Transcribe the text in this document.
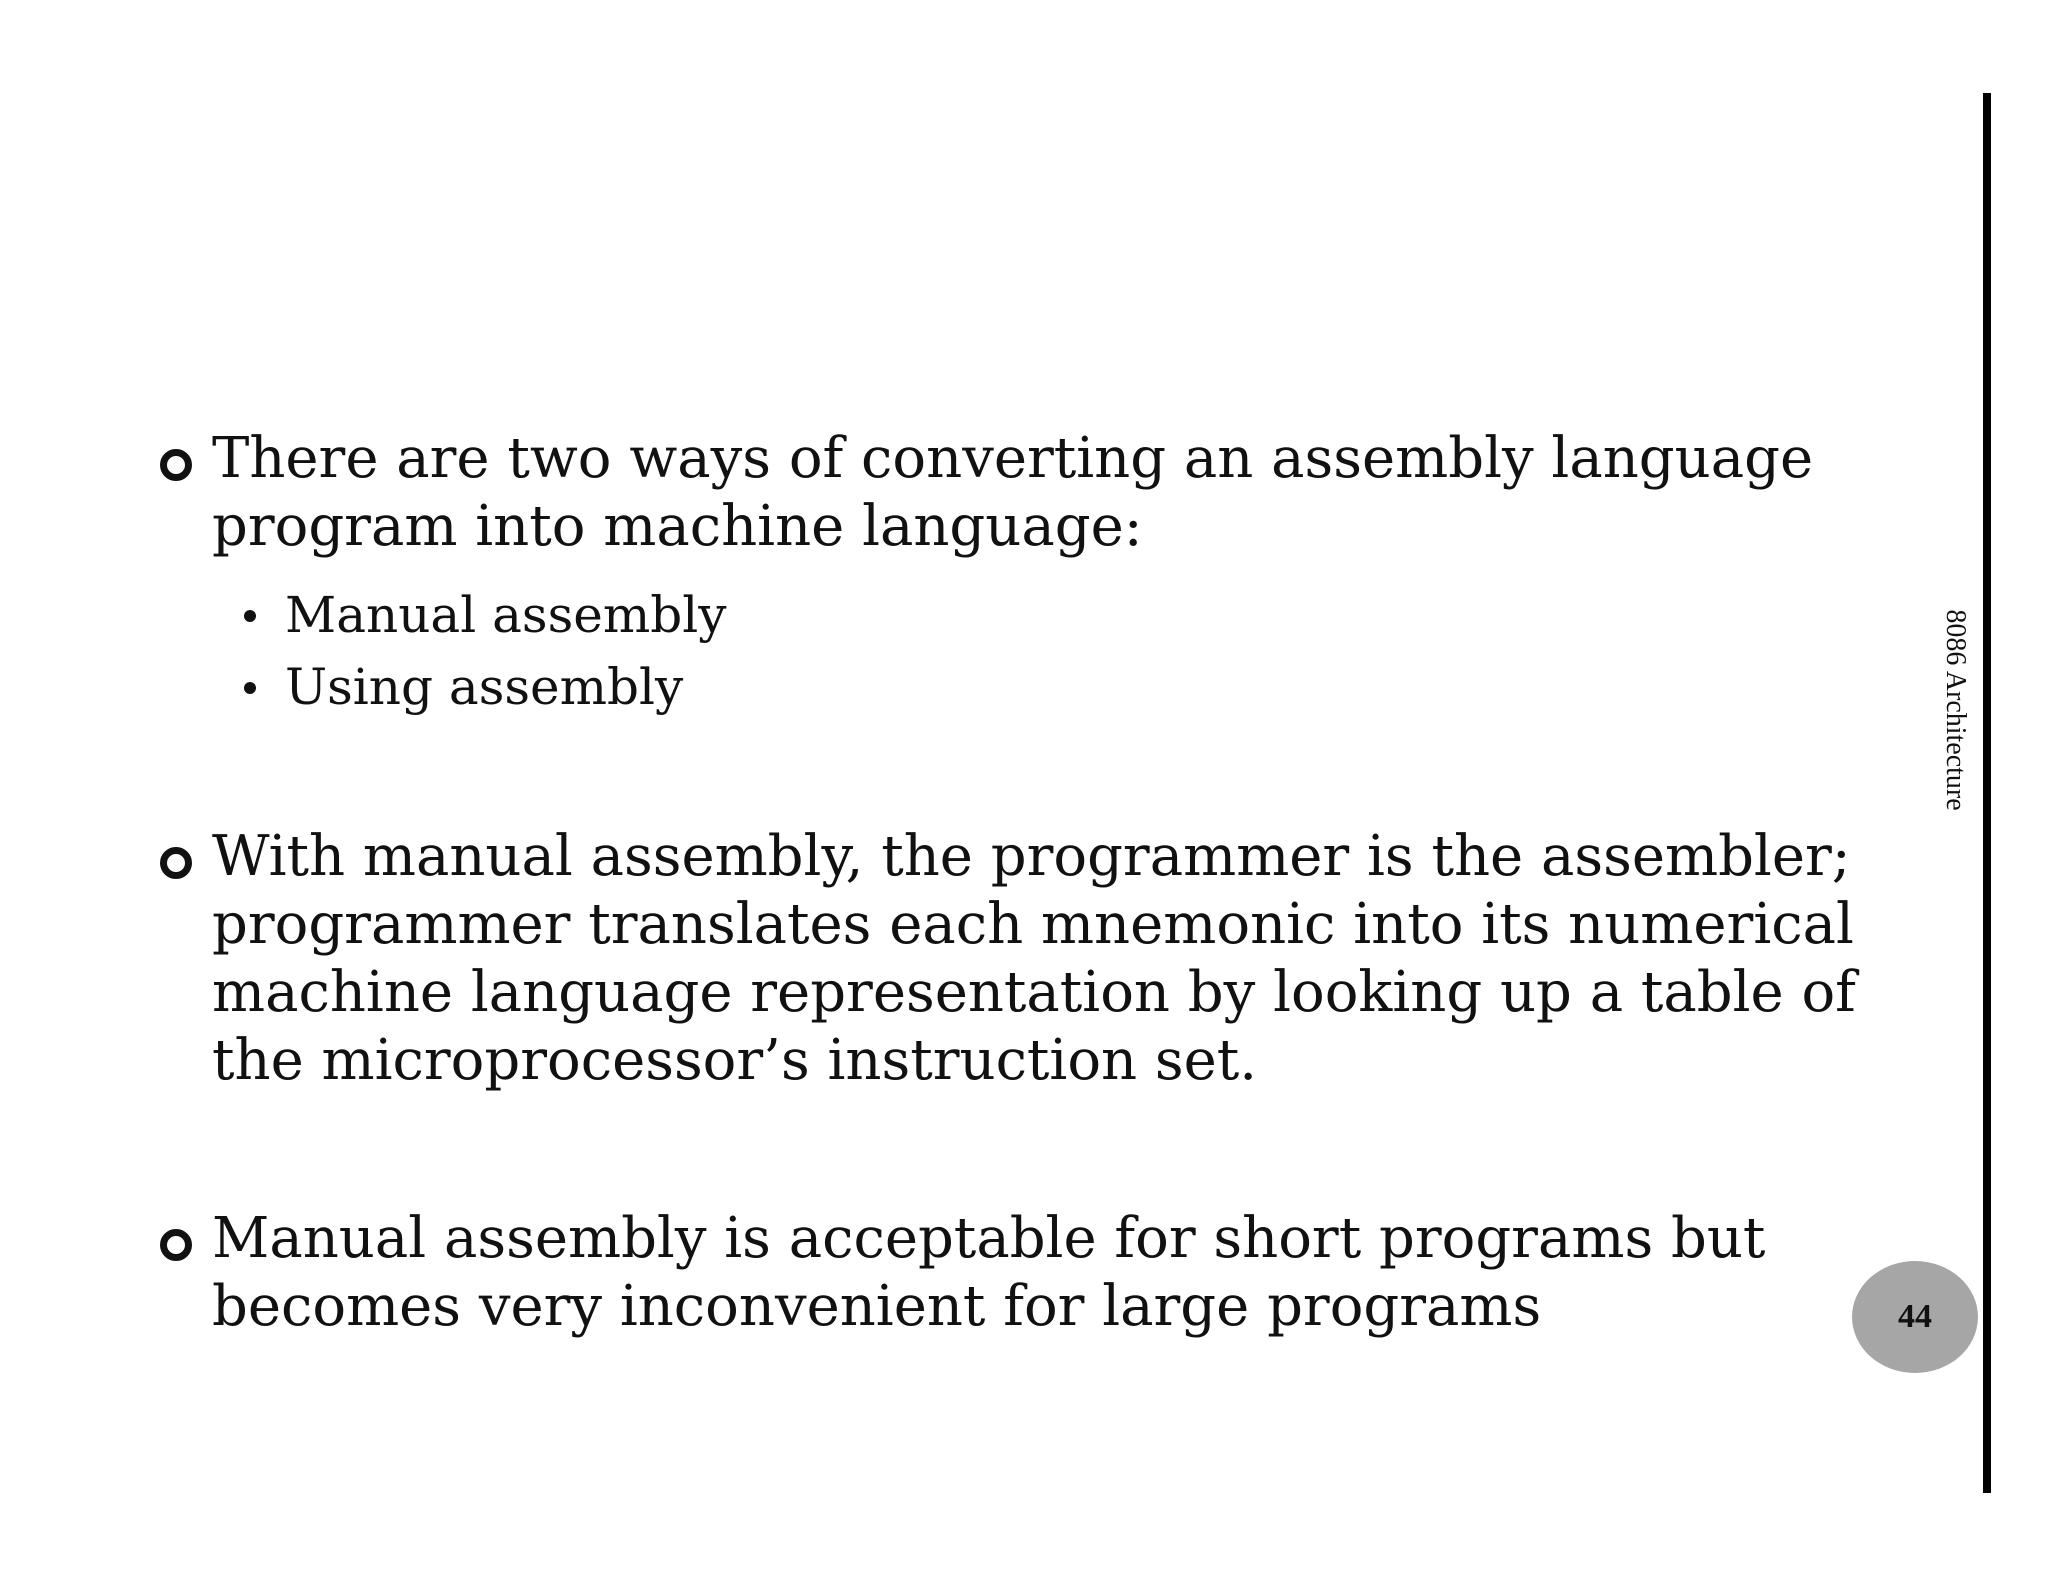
There are two ways of converting an assembly language program into machine language:
Manual assembly
Using assembly
With manual assembly, the programmer is the assembler; programmer translates each mnemonic into its numerical machine language representation by looking up a table of the microprocessor’s instruction set.
Manual assembly is acceptable for short programs but becomes very inconvenient for large programs
8086 Architecture
44
